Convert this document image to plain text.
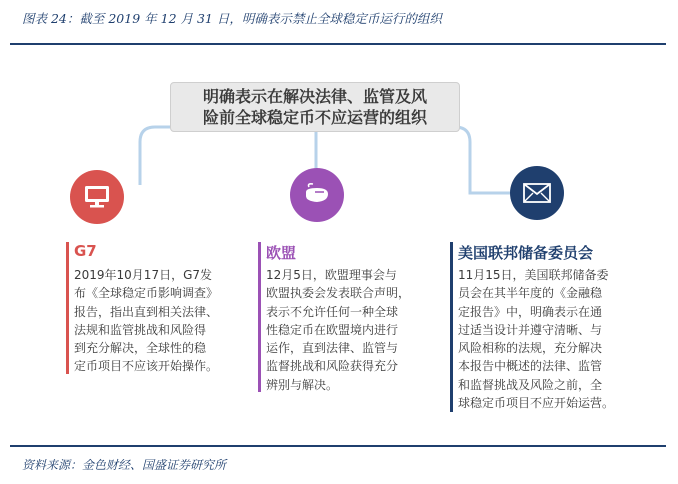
图表 24：截至 2019 年 12 月 31 日，明确表示禁止全球稳定币运行的组织
明确表示在解决法律、监管及风
险前全球稳定币不应运营的组织
G7
2019年10月17日，G7发
布《全球稳定币影响调查》
报告，指出直到相关法律、
法规和监管挑战和风险得
到充分解决，全球性的稳
定币项目不应该开始操作。
欧盟
12月5日，欧盟理事会与
欧盟执委会发表联合声明，
表示不允许任何一种全球
性稳定币在欧盟境内进行
运作，直到法律、监管与
监督挑战和风险获得充分
辨别与解决。
美国联邦储备委员会
11月15日，美国联邦储备委
员会在其半年度的《金融稳
定报告》中，明确表示在通
过适当设计并遵守清晰、与
风险相称的法规，充分解决
本报告中概述的法律、监管
和监督挑战及风险之前，全
球稳定币项目不应开始运营。
资料来源：金色财经、国盛证券研究所
